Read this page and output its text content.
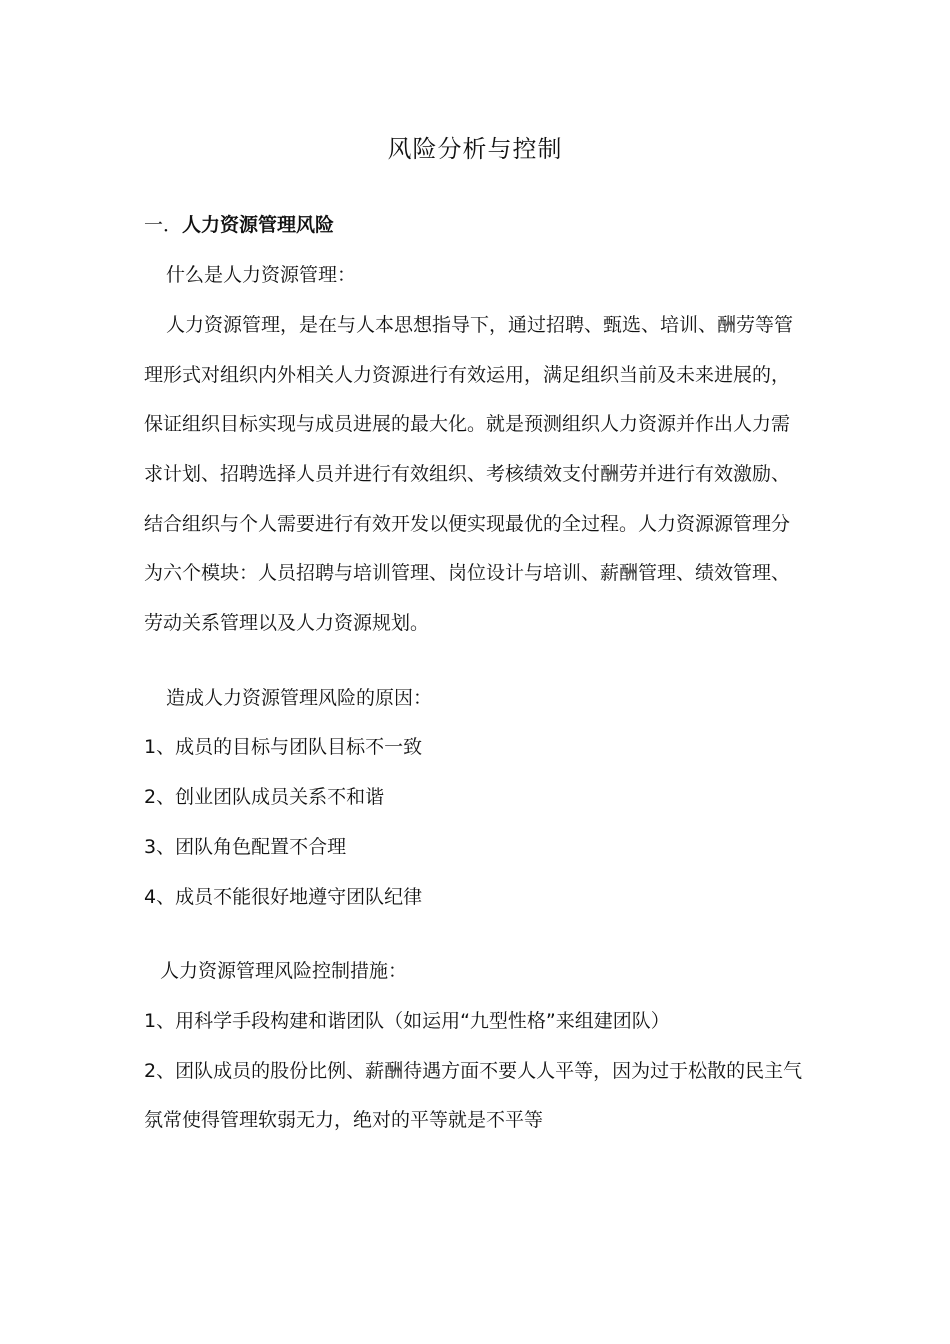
风险分析与控制
一．人力资源管理风险
什么是人力资源管理：
人力资源管理，是在与人本思想指导下，通过招聘、甄选、培训、酬劳等管
理形式对组织内外相关人力资源进行有效运用，满足组织当前及未来进展的，
保证组织目标实现与成员进展的最大化。就是预测组织人力资源并作出人力需
求计划、招聘选择人员并进行有效组织、考核绩效支付酬劳并进行有效激励、
结合组织与个人需要进行有效开发以便实现最优的全过程。人力资源源管理分
为六个模块：人员招聘与培训管理、岗位设计与培训、薪酬管理、绩效管理、
劳动关系管理以及人力资源规划。
造成人力资源管理风险的原因：
1、成员的目标与团队目标不一致
2、创业团队成员关系不和谐
3、团队角色配置不合理
4、成员不能很好地遵守团队纪律
人力资源管理风险控制措施：
1、用科学手段构建和谐团队（如运用“九型性格”来组建团队）
2、团队成员的股份比例、薪酬待遇方面不要人人平等，因为过于松散的民主气
氛常使得管理软弱无力，绝对的平等就是不平等
